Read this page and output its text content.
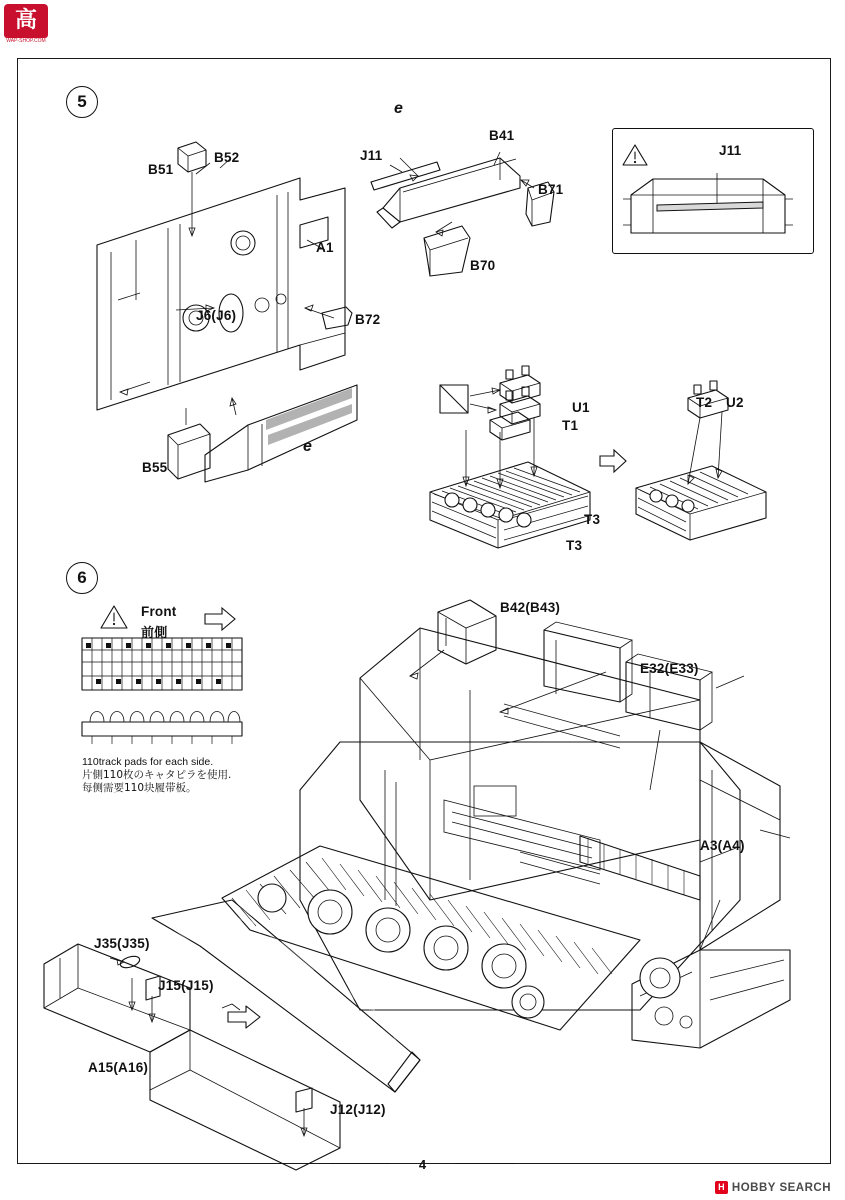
高
WAP-SHOP.COM
5
B52
B51
A1
J6(J6)	B72
B55
e
e
J11
B41
B71
B70
U1
T1
T3
T3
T2 U2
J11
6
Front
前側
110track pads for each side.
片側110枚のキャタピラを使用.
每侧需要110块履带板。
B42(B43)
E32(E33)
A3(A4)
J35(J35)
J15(J15)
A15(A16)
J12(J12)
4
H HOBBY SEARCH
